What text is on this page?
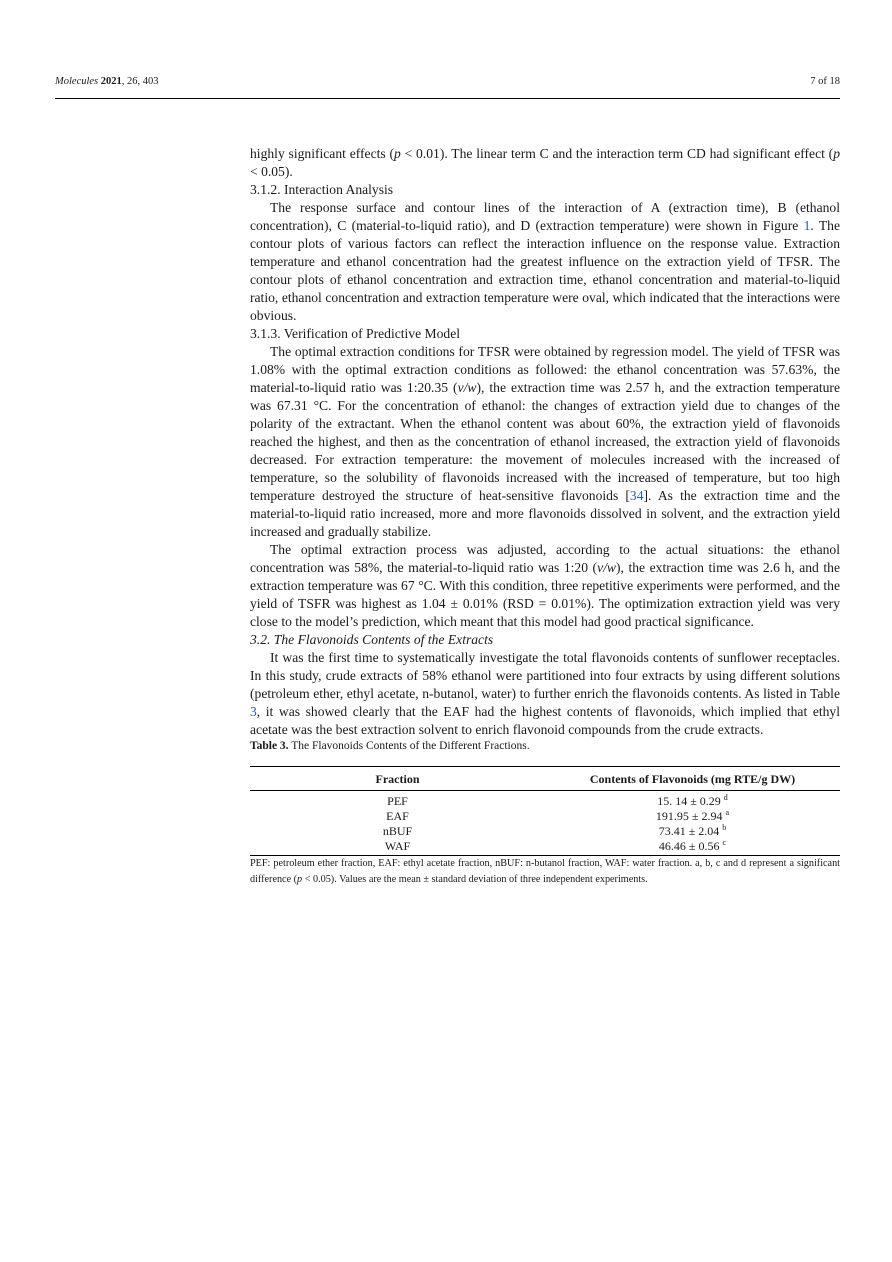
Molecules 2021, 26, 403	7 of 18

highly significant effects (p < 0.01). The linear term C and the interaction term CD had significant effect (p < 0.05).

3.1.2. Interaction Analysis

The response surface and contour lines of the interaction of A (extraction time), B (ethanol concentration), C (material-to-liquid ratio), and D (extraction temperature) were shown in Figure 1. The contour plots of various factors can reflect the interaction influence on the response value. Extraction temperature and ethanol concentration had the greatest influence on the extraction yield of TFSR. The contour plots of ethanol concentration and extraction time, ethanol concentration and material-to-liquid ratio, ethanol concentration and extraction temperature were oval, which indicated that the interactions were obvious.

3.1.3. Verification of Predictive Model

The optimal extraction conditions for TFSR were obtained by regression model. The yield of TFSR was 1.08% with the optimal extraction conditions as followed: the ethanol concentration was 57.63%, the material-to-liquid ratio was 1:20.35 (v/w), the extraction time was 2.57 h, and the extraction temperature was 67.31 °C. For the concentration of ethanol: the changes of extraction yield due to changes of the polarity of the extractant. When the ethanol content was about 60%, the extraction yield of flavonoids reached the highest, and then as the concentration of ethanol increased, the extraction yield of flavonoids decreased. For extraction temperature: the movement of molecules increased with the increased of temperature, so the solubility of flavonoids increased with the increased of temperature, but too high temperature destroyed the structure of heat-sensitive flavonoids [34]. As the extraction time and the material-to-liquid ratio increased, more and more flavonoids dissolved in solvent, and the extraction yield increased and gradually stabilize.

The optimal extraction process was adjusted, according to the actual situations: the ethanol concentration was 58%, the material-to-liquid ratio was 1:20 (v/w), the extraction time was 2.6 h, and the extraction temperature was 67 °C. With this condition, three repetitive experiments were performed, and the yield of TSFR was highest as 1.04 ± 0.01% (RSD = 0.01%). The optimization extraction yield was very close to the model’s prediction, which meant that this model had good practical significance.

3.2. The Flavonoids Contents of the Extracts

It was the first time to systematically investigate the total flavonoids contents of sunflower receptacles. In this study, crude extracts of 58% ethanol were partitioned into four extracts by using different solutions (petroleum ether, ethyl acetate, n-butanol, water) to further enrich the flavonoids contents. As listed in Table 3, it was showed clearly that the EAF had the highest contents of flavonoids, which implied that ethyl acetate was the best extraction solvent to enrich flavonoid compounds from the crude extracts.

Table 3. The Flavonoids Contents of the Different Fractions.

Fraction	Contents of Flavonoids (mg RTE/g DW)
PEF	15. 14 ± 0.29 $^d$
EAF	191.95 ± 2.94 $^a$
nBUF	73.41 ± 2.04 $^b$
WAF	46.46 ± 0.56 $^c$

PEF: petroleum ether fraction, EAF: ethyl acetate fraction, nBUF: n-butanol fraction, WAF: water fraction. a, b, c and d represent a significant difference (p < 0.05). Values are the mean ± standard deviation of three independent experiments.
